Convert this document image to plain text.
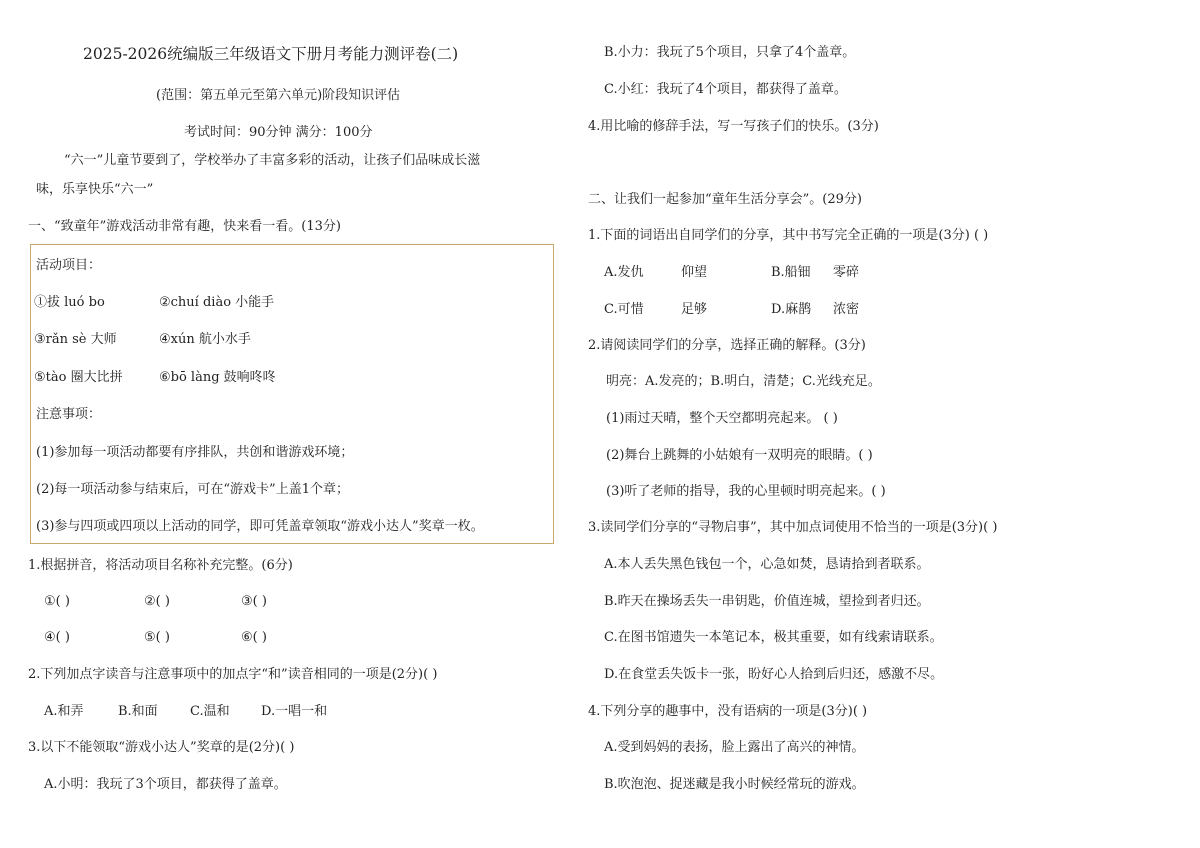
2025-2026统编版三年级语文下册月考能力测评卷(二)
(范围：第五单元至第六单元)阶段知识评估
考试时间：90分钟 满分：100分
“六一”儿童节要到了，学校举办了丰富多彩的活动，让孩子们品味成长滋
味，乐享快乐“六一”
一、“致童年”游戏活动非常有趣，快来看一看。(13分)
活动项目：
①拔 luó bo	②chuí diào 小能手
③rǎn sè 大师	④xún 航小水手
⑤tào 圈大比拼	⑥bō làng 鼓响咚咚
注意事项：
(1)参加每一项活动都要有序排队，共创和谐游戏环境；
(2)每一项活动参与结束后，可在“游戏卡”上盖1个章；
(3)参与四项或四项以上活动的同学，即可凭盖章领取“游戏小达人”奖章一枚。
1.根据拼音，将活动项目名称补充完整。(6分)
①( )	②( )	③( )
④( )	⑤( )	⑥( )
2.下列加点字读音与注意事项中的加点字“和”读音相同的一项是(2分)( )
A.和弄	B.和面 C.温和 D.一唱一和
3.以下不能领取“游戏小达人”奖章的是(2分)( )
A.小明：我玩了3个项目，都获得了盖章。
B.小力：我玩了5个项目，只拿了4个盖章。
C.小红：我玩了4个项目，都获得了盖章。
4.用比喻的修辞手法，写一写孩子们的快乐。(3分)
二、让我们一起参加“童年生活分享会”。(29分)
1.下面的词语出自同学们的分享，其中书写完全正确的一项是(3分) ( )
A.发仇	仰望	B.船钿 零碎
C.可惜	足够	D.麻鹊 浓密
2.请阅读同学们的分享，选择正确的解释。(3分)
明亮：A.发亮的；B.明白，清楚；C.光线充足。
(1)雨过天晴，整个天空都明亮起来。 ( )
(2)舞台上跳舞的小姑娘有一双明亮的眼睛。( )
(3)听了老师的指导，我的心里顿时明亮起来。( )
3.读同学们分享的“寻物启事”，其中加点词使用不恰当的一项是(3分)( )
A.本人丢失黑色钱包一个，心急如焚，恳请拾到者联系。
B.昨天在操场丢失一串钥匙，价值连城，望捡到者归还。
C.在图书馆遗失一本笔记本，极其重要，如有线索请联系。
D.在食堂丢失饭卡一张，盼好心人拾到后归还，感激不尽。
4.下列分享的趣事中，没有语病的一项是(3分)( )
A.受到妈妈的表扬，脸上露出了高兴的神情。
B.吹泡泡、捉迷藏是我小时候经常玩的游戏。
